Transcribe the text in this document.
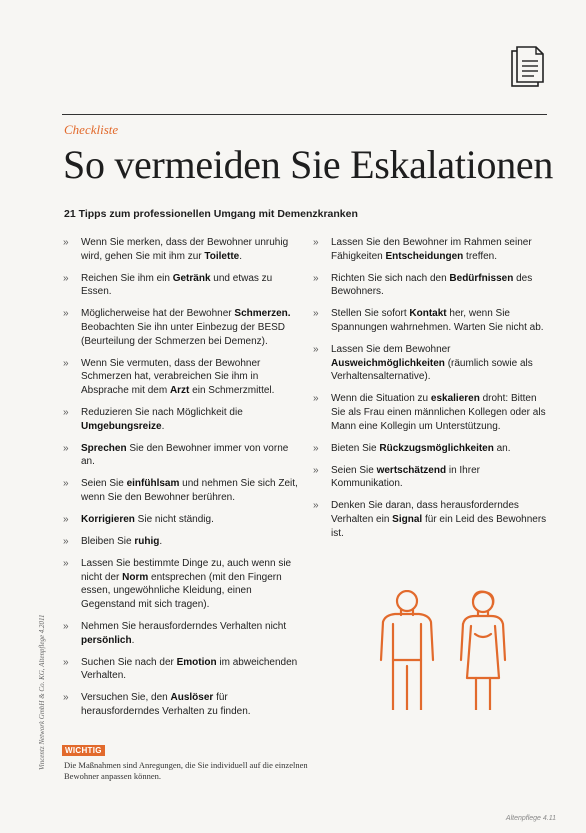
Checkliste
So vermeiden Sie Eskalationen
21 Tipps zum professionellen Umgang mit Demenzkranken
» Wenn Sie merken, dass der Bewohner unruhig wird, gehen Sie mit ihm zur Toilette.
» Reichen Sie ihm ein Getränk und etwas zu Essen.
» Möglicherweise hat der Bewohner Schmerzen. Beobachten Sie ihn unter Einbezug der BESD (Beurteilung der Schmerzen bei Demenz).
» Wenn Sie vermuten, dass der Bewohner Schmerzen hat, verabreichen Sie ihm in Absprache mit dem Arzt ein Schmerzmittel.
» Reduzieren Sie nach Möglichkeit die Umgebungsreize.
» Sprechen Sie den Bewohner immer von vorne an.
» Seien Sie einfühlsam und nehmen Sie sich Zeit, wenn Sie den Bewohner berühren.
» Korrigieren Sie nicht ständig.
» Bleiben Sie ruhig.
» Lassen Sie bestimmte Dinge zu, auch wenn sie nicht der Norm entsprechen (mit den Fingern essen, ungewöhnliche Kleidung, einen Gegenstand mit sich tragen).
» Nehmen Sie herausforderndes Verhalten nicht persönlich.
» Suchen Sie nach der Emotion im abweichenden Verhalten.
» Versuchen Sie, den Auslöser für herausforderndes Verhalten zu finden.
» Lassen Sie den Bewohner im Rahmen seiner Fähigkeiten Entscheidungen treffen.
» Richten Sie sich nach den Bedürfnissen des Bewohners.
» Stellen Sie sofort Kontakt her, wenn Sie Spannungen wahrnehmen. Warten Sie nicht ab.
» Lassen Sie dem Bewohner Ausweichmöglichkeiten (räumlich sowie als Verhaltensalternative).
» Wenn die Situation zu eskalieren droht: Bitten Sie als Frau einen männlichen Kollegen oder als Mann eine Kollegin um Unterstützung.
» Bieten Sie Rückzugsmöglichkeiten an.
» Seien Sie wertschätzend in Ihrer Kommunikation.
» Denken Sie daran, dass herausforderndes Verhalten ein Signal für ein Leid des Bewohners ist.
Vincentz Network GmbH & Co. KG, Altenpflege 4.2011	WICHTIG
Die Maßnahmen sind Anregungen, die Sie individuell auf die einzelnen Bewohner anpassen können.
Altenpflege 4.11
